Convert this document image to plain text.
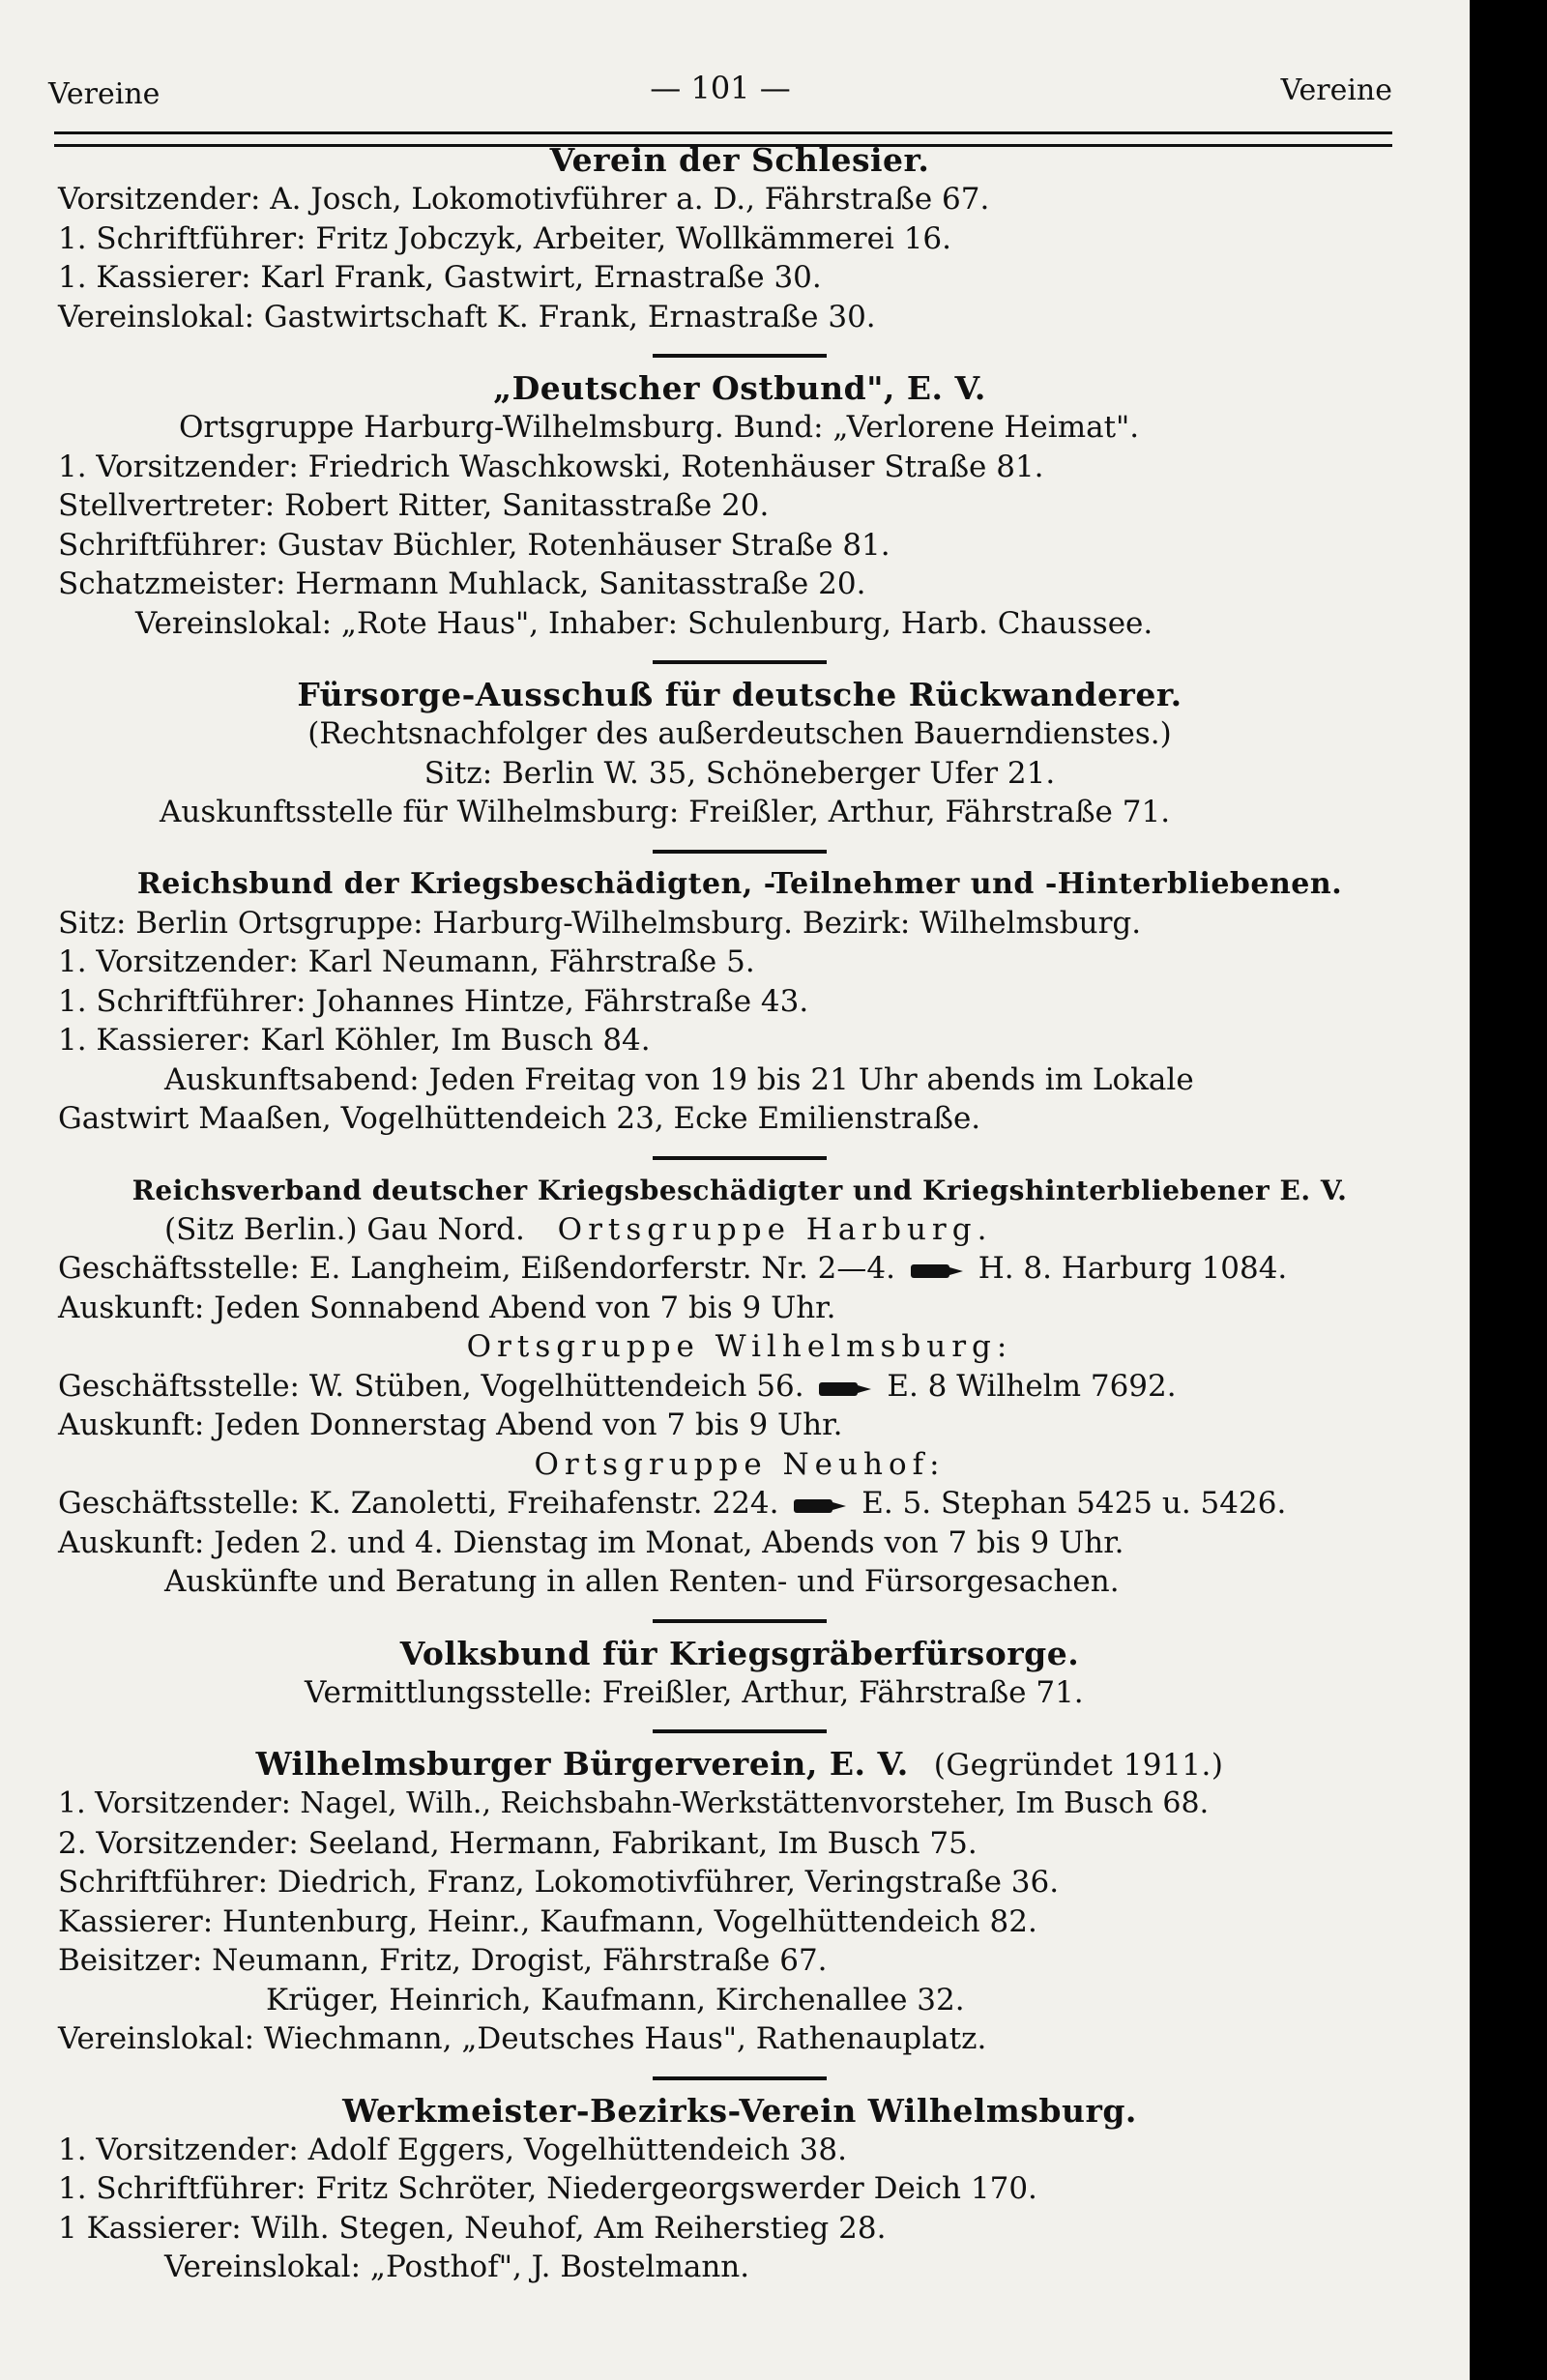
Vereine	— 101 —	Vereine
Verein der Schlesier.
Vorsitzender: A. Josch, Lokomotivführer a. D., Fährstraße 67.
1. Schriftführer: Fritz Jobczyk, Arbeiter, Wollkämmerei 16.
1. Kassierer: Karl Frank, Gastwirt, Ernastraße 30.
Vereinslokal: Gastwirtschaft K. Frank, Ernastraße 30.
„Deutscher Ostbund", E. V.
Ortsgruppe Harburg-Wilhelmsburg. Bund: „Verlorene Heimat".
1. Vorsitzender: Friedrich Waschkowski, Rotenhäuser Straße 81.
Stellvertreter: Robert Ritter, Sanitasstraße 20.
Schriftführer: Gustav Büchler, Rotenhäuser Straße 81.
Schatzmeister: Hermann Muhlack, Sanitasstraße 20.
Vereinslokal: „Rote Haus", Inhaber: Schulenburg, Harb. Chaussee.
Fürsorge-Ausschuß für deutsche Rückwanderer.
(Rechtsnachfolger des außerdeutschen Bauerndienstes.)
Sitz: Berlin W. 35, Schöneberger Ufer 21.
Auskunftsstelle für Wilhelmsburg: Freißler, Arthur, Fährstraße 71.
Reichsbund der Kriegsbeschädigten, -Teilnehmer und -Hinterbliebenen.
Sitz: Berlin Ortsgruppe: Harburg-Wilhelmsburg. Bezirk: Wilhelmsburg.
1. Vorsitzender: Karl Neumann, Fährstraße 5.
1. Schriftführer: Johannes Hintze, Fährstraße 43.
1. Kassierer: Karl Köhler, Im Busch 84.
Auskunftsabend: Jeden Freitag von 19 bis 21 Uhr abends im Lokale
Gastwirt Maaßen, Vogelhüttendeich 23, Ecke Emilienstraße.
Reichsverband deutscher Kriegsbeschädigter und Kriegshinterbliebener E. V.
(Sitz Berlin.) Gau Nord. Ortsgruppe Harburg.
Geschäftsstelle: E. Langheim, Eißendorferstr. Nr. 2—4.	H. 8. Harburg 1084.
Auskunft: Jeden Sonnabend Abend von 7 bis 9 Uhr.
Ortsgruppe Wilhelmsburg:
Geschäftsstelle: W. Stüben, Vogelhüttendeich 56.	E. 8 Wilhelm 7692.
Auskunft: Jeden Donnerstag Abend von 7 bis 9 Uhr.
Ortsgruppe Neuhof:
Geschäftsstelle: K. Zanoletti, Freihafenstr. 224.	E. 5. Stephan 5425 u. 5426.
Auskunft: Jeden 2. und 4. Dienstag im Monat, Abends von 7 bis 9 Uhr.
Auskünfte und Beratung in allen Renten- und Fürsorgesachen.
Volksbund für Kriegsgräberfürsorge.
Vermittlungsstelle: Freißler, Arthur, Fährstraße 71.
Wilhelmsburger Bürgerverein, E. V. (Gegründet 1911.)
1. Vorsitzender: Nagel, Wilh., Reichsbahn-Werkstättenvorsteher, Im Busch 68.
2. Vorsitzender: Seeland, Hermann, Fabrikant, Im Busch 75.
Schriftführer: Diedrich, Franz, Lokomotivführer, Veringstraße 36.
Kassierer: Huntenburg, Heinr., Kaufmann, Vogelhüttendeich 82.
Beisitzer: Neumann, Fritz, Drogist, Fährstraße 67.
Krüger, Heinrich, Kaufmann, Kirchenallee 32.
Vereinslokal: Wiechmann, „Deutsches Haus", Rathenauplatz.
Werkmeister-Bezirks-Verein Wilhelmsburg.
1. Vorsitzender: Adolf Eggers, Vogelhüttendeich 38.
1. Schriftführer: Fritz Schröter, Niedergeorgswerder Deich 170.
1 Kassierer: Wilh. Stegen, Neuhof, Am Reiherstieg 28.
Vereinslokal: „Posthof", J. Bostelmann.
